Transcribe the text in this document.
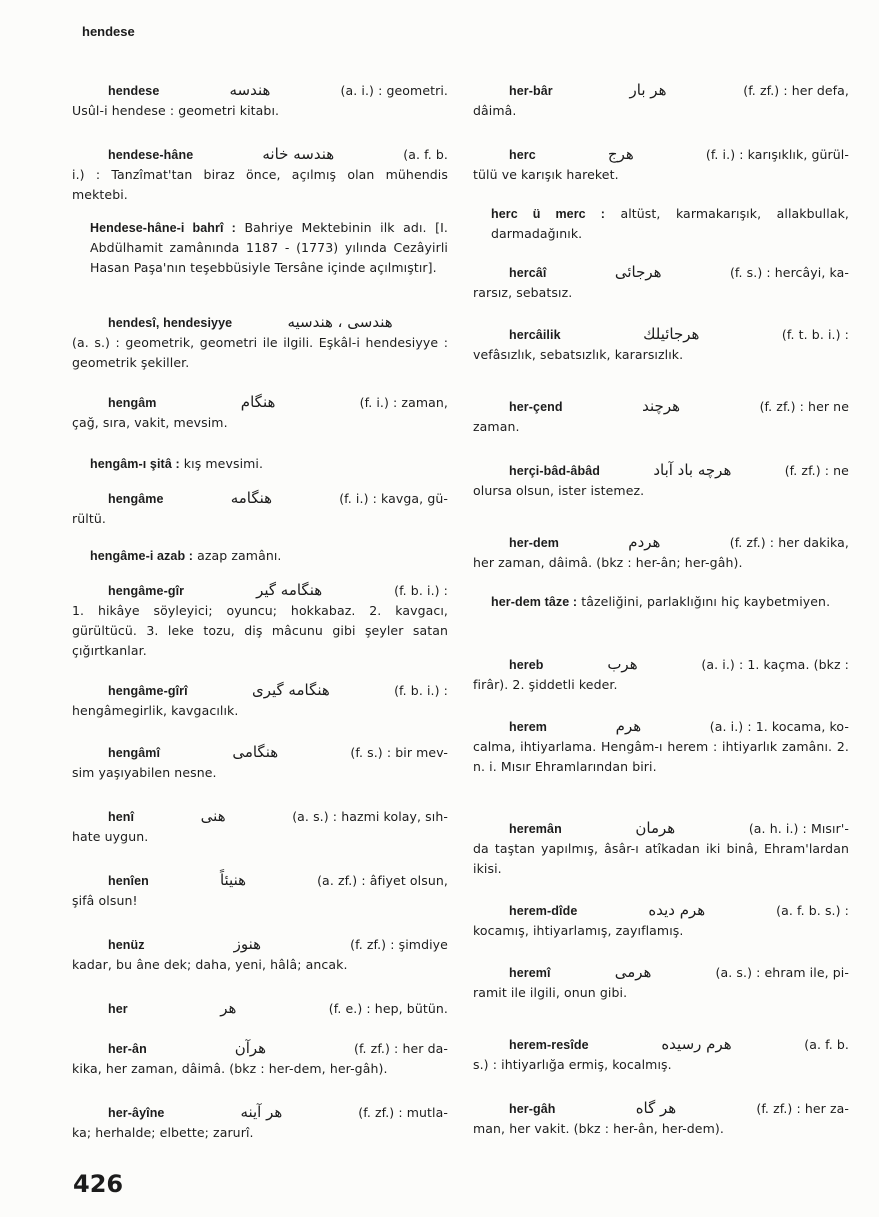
hendese
hendese	هندسه	(a. i.) : geometri.
Usûl-i hendese : geometri kitabı.
hendese-hâne	هندسه خانه	(a. f. b.
i.) : Tanzîmat'tan biraz önce, açılmış olan mühendis mektebi.
Hendese-hâne-i bahrî : Bahriye Mektebinin ilk adı. [I. Abdülhamit zamânında 1187 - (1773) yılında Cezâyirli Hasan Paşa'nın teşebbüsiyle Tersâne içinde açılmıştır].
hendesî, hendesiyye	هندسى ، هندسيه
(a. s.) : geometrik, geometri ile ilgili. Eşkâl-i hendesiyye : geometrik şekiller.
hengâm	هنگام	(f. i.) : zaman,
çağ, sıra, vakit, mevsim.
hengâm-ı şitâ : kış mevsimi.
hengâme	هنگامه	(f. i.) : kavga, gü-
rültü.
hengâme-i azab : azap zamânı.
hengâme-gîr	هنگامه گير	(f. b. i.) :
1. hikâye söyleyici; oyuncu; hokkabaz. 2. kavgacı, gürültücü. 3. leke tozu, diş mâcunu gibi şeyler satan çığırtkanlar.
hengâme-gîrî	هنگامه گيرى	(f. b. i.) :
hengâmegirlik, kavgacılık.
hengâmî	هنگامى	(f. s.) : bir mev-
sim yaşıyabilen nesne.
henî	هنى	(a. s.) : hazmi kolay, sıh-
hate uygun.
henîen	هنيئاً	(a. zf.) : âfiyet olsun,
şifâ olsun!
henüz	هنوز	(f. zf.) : şimdiye
kadar, bu âne dek; daha, yeni, hâlâ; ancak.
her	هر	(f. e.) : hep, bütün.
her-ân	هرآن	(f. zf.) : her da-
kika, her zaman, dâimâ. (bkz : her-dem, her-gâh).
her-âyîne	هر آينه	(f. zf.) : mutla-
ka; herhalde; elbette; zarurî.
her-bâr	هر بار	(f. zf.) : her defa,
dâimâ.
herc	هرج	(f. i.) : karışıklık, gürül-
tülü ve karışık hareket.
herc ü merc : altüst, karmakarışık, allakbullak, darmadağınık.
hercâî	هرجائى	(f. s.) : hercâyi, ka-
rarsız, sebatsız.
hercâilik	هرجائيلك	(f. t. b. i.) :
vefâsızlık, sebatsızlık, kararsızlık.
her-çend	هرچند	(f. zf.) : her ne
zaman.
herçi-bâd-âbâd	هرچه باد آباد	(f. zf.) : ne
olursa olsun, ister istemez.
her-dem	هردم	(f. zf.) : her dakika,
her zaman, dâimâ. (bkz : her-ân; her-gâh).
her-dem tâze : tâzeliğini, parlaklığını hiç kaybetmiyen.
hereb	هرب	(a. i.) : 1. kaçma. (bkz :
firâr). 2. şiddetli keder.
herem	هرم	(a. i.) : 1. kocama, ko-
calma, ihtiyarlama. Hengâm-ı herem : ihtiyarlık zamânı. 2. n. i. Mısır Ehramlarından biri.
heremân	هرمان	(a. h. i.) : Mısır'-
da taştan yapılmış, âsâr-ı atîkadan iki binâ, Ehram'lardan ikisi.
herem-dîde	هرم ديده	(a. f. b. s.) :
kocamış, ihtiyarlamış, zayıflamış.
heremî	هرمى	(a. s.) : ehram ile, pi-
ramit ile ilgili, onun gibi.
herem-resîde	هرم رسيده	(a. f. b.
s.) : ihtiyarlığa ermiş, kocalmış.
her-gâh	هر گاه	(f. zf.) : her za-
man, her vakit. (bkz : her-ân, her-dem).
426
